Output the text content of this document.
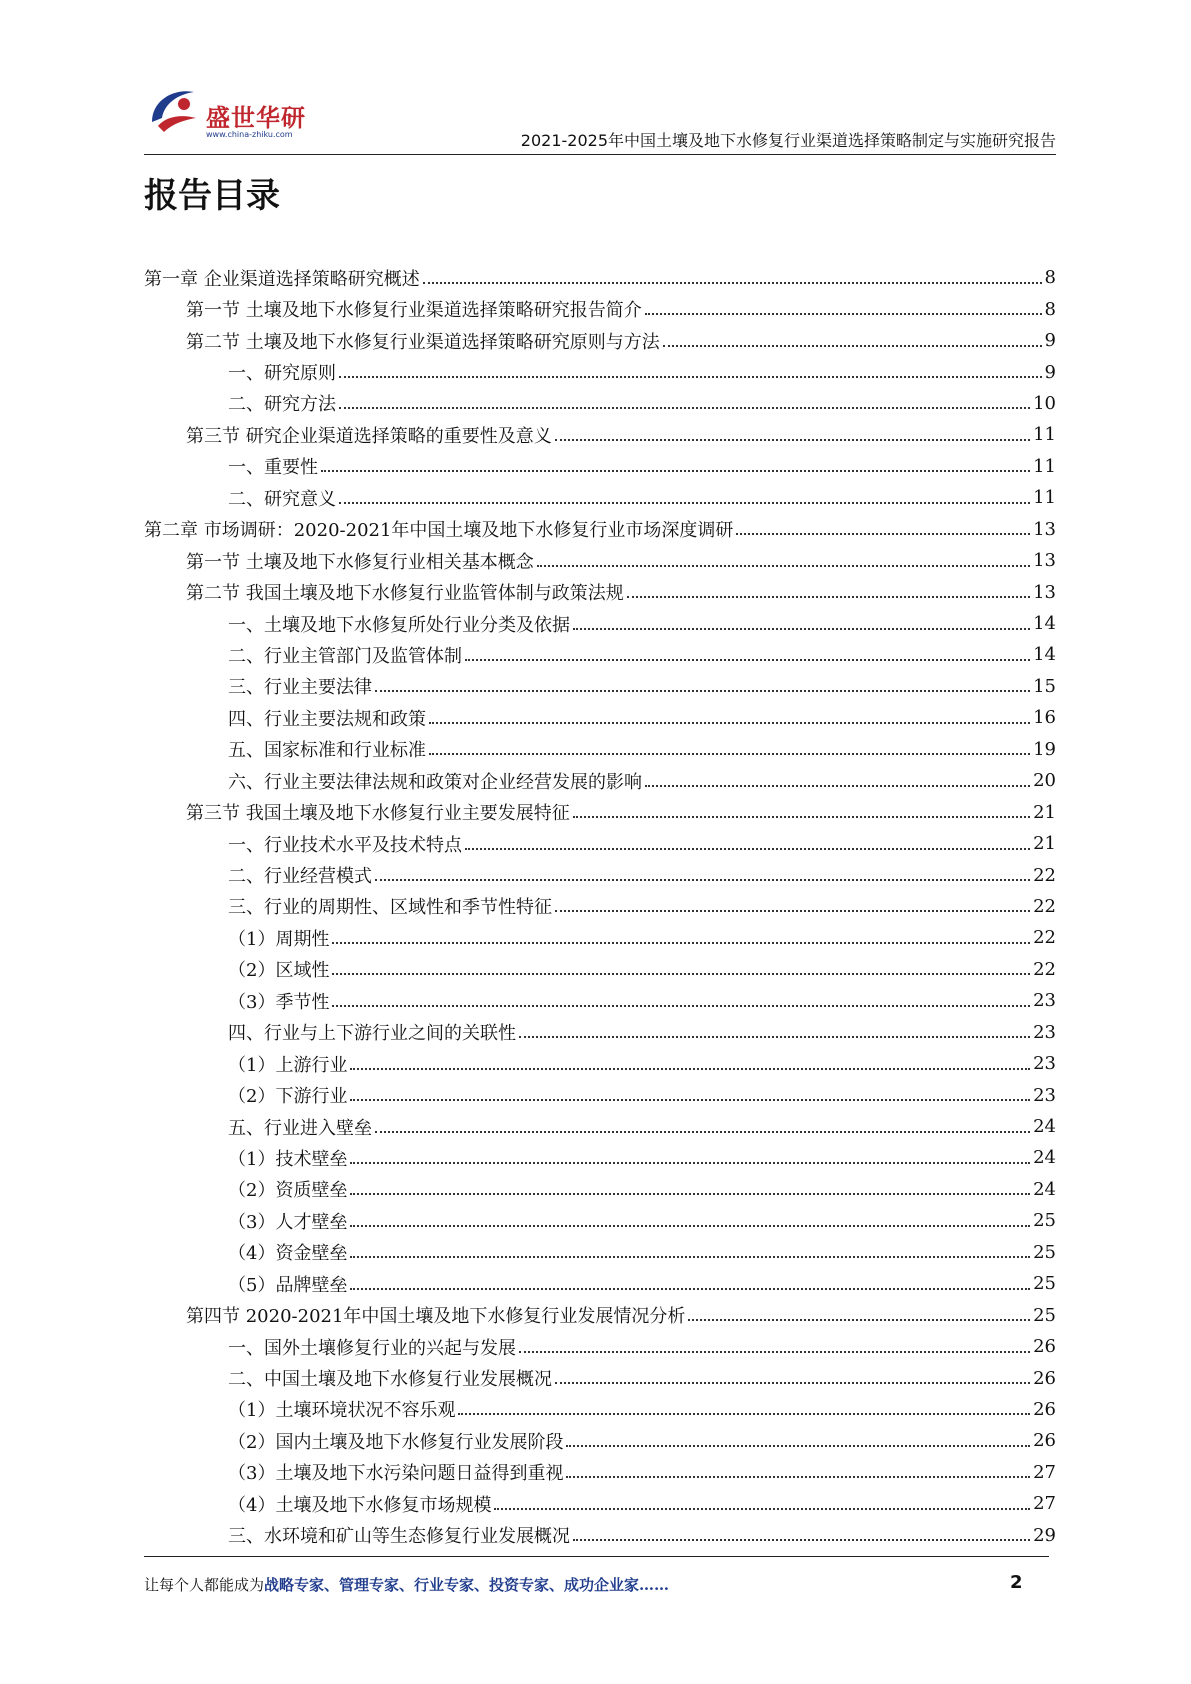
盛世华研
www.china-zhiku.com	2021-2025年中国土壤及地下水修复行业渠道选择策略制定与实施研究报告
报告目录
第一章 企业渠道选择策略研究概述	8
第一节 土壤及地下水修复行业渠道选择策略研究报告简介	8
第二节 土壤及地下水修复行业渠道选择策略研究原则与方法	9
一、研究原则	9
二、研究方法	10
第三节 研究企业渠道选择策略的重要性及意义	11
一、重要性	11
二、研究意义	11
第二章 市场调研：2020-2021年中国土壤及地下水修复行业市场深度调研	13
第一节 土壤及地下水修复行业相关基本概念	13
第二节 我国土壤及地下水修复行业监管体制与政策法规	13
一、土壤及地下水修复所处行业分类及依据	14
二、行业主管部门及监管体制	14
三、行业主要法律	15
四、行业主要法规和政策	16
五、国家标准和行业标准	19
六、行业主要法律法规和政策对企业经营发展的影响	20
第三节 我国土壤及地下水修复行业主要发展特征	21
一、行业技术水平及技术特点	21
二、行业经营模式	22
三、行业的周期性、区域性和季节性特征	22
（1）周期性	22
（2）区域性	22
（3）季节性	23
四、行业与上下游行业之间的关联性	23
（1）上游行业	23
（2）下游行业	23
五、行业进入壁垒	24
（1）技术壁垒	24
（2）资质壁垒	24
（3）人才壁垒	25
（4）资金壁垒	25
（5）品牌壁垒	25
第四节 2020-2021年中国土壤及地下水修复行业发展情况分析	25
一、国外土壤修复行业的兴起与发展	26
二、中国土壤及地下水修复行业发展概况	26
（1）土壤环境状况不容乐观	26
（2）国内土壤及地下水修复行业发展阶段	26
（3）土壤及地下水污染问题日益得到重视	27
（4）土壤及地下水修复市场规模	27
三、水环境和矿山等生态修复行业发展概况	29
让每个人都能成为战略专家、管理专家、行业专家、投资专家、成功企业家……	2
